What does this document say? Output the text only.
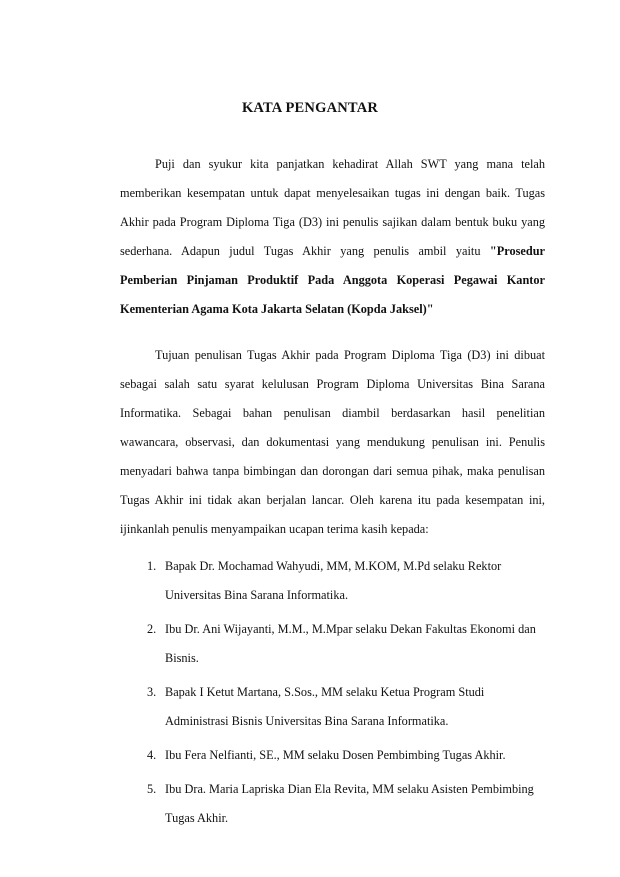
KATA PENGANTAR

Puji dan syukur kita panjatkan kehadirat Allah SWT yang mana telah memberikan kesempatan untuk dapat menyelesaikan tugas ini dengan baik. Tugas Akhir pada Program Diploma Tiga (D3) ini penulis sajikan dalam bentuk buku yang sederhana. Adapun judul Tugas Akhir yang penulis ambil yaitu "Prosedur Pemberian Pinjaman Produktif Pada Anggota Koperasi Pegawai Kantor Kementerian Agama Kota Jakarta Selatan (Kopda Jaksel)"

Tujuan penulisan Tugas Akhir pada Program Diploma Tiga (D3) ini dibuat sebagai salah satu syarat kelulusan Program Diploma Universitas Bina Sarana Informatika. Sebagai bahan penulisan diambil berdasarkan hasil penelitian wawancara, observasi, dan dokumentasi yang mendukung penulisan ini. Penulis menyadari bahwa tanpa bimbingan dan dorongan dari semua pihak, maka penulisan Tugas Akhir ini tidak akan berjalan lancar. Oleh karena itu pada kesempatan ini, ijinkanlah penulis menyampaikan ucapan terima kasih kepada:

1. Bapak Dr. Mochamad Wahyudi, MM, M.KOM, M.Pd selaku Rektor Universitas Bina Sarana Informatika.
2. Ibu Dr. Ani Wijayanti, M.M., M.Mpar selaku Dekan Fakultas Ekonomi dan Bisnis.
3. Bapak I Ketut Martana, S.Sos., MM selaku Ketua Program Studi Administrasi Bisnis Universitas Bina Sarana Informatika.
4. Ibu Fera Nelfianti, SE., MM selaku Dosen Pembimbing Tugas Akhir.
5. Ibu Dra. Maria Lapriska Dian Ela Revita, MM selaku Asisten Pembimbing Tugas Akhir.
